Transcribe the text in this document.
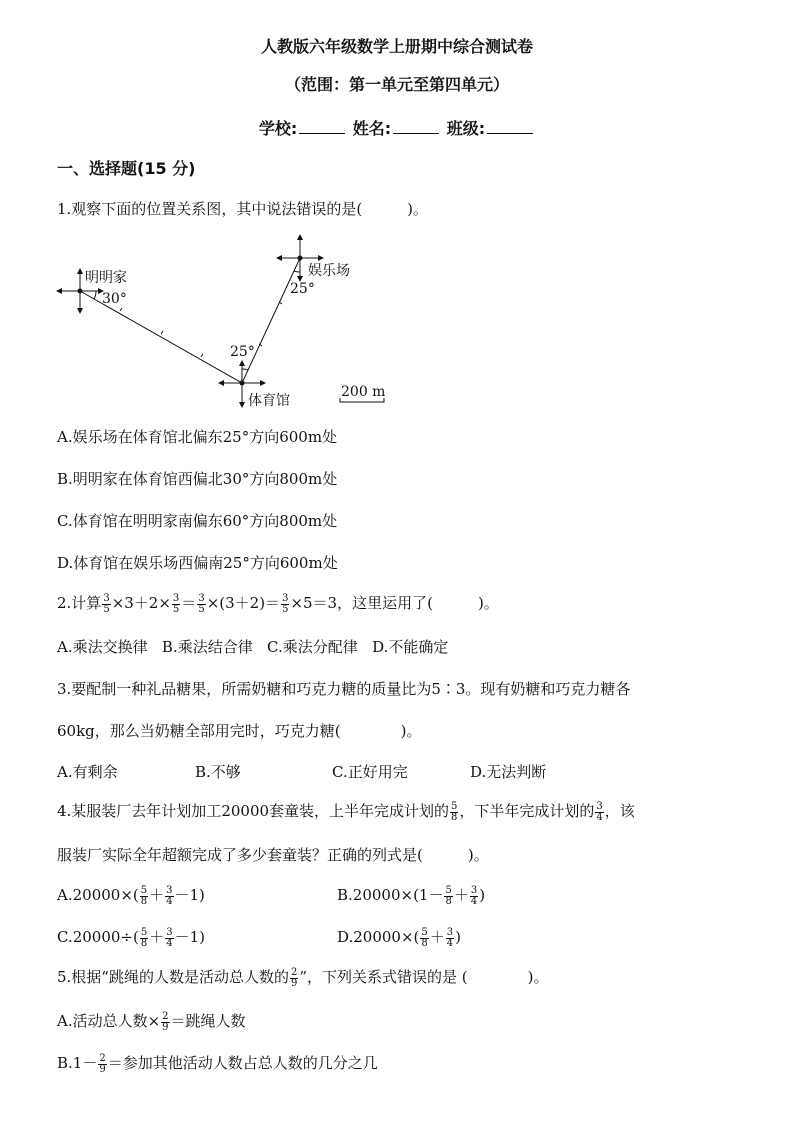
人教版六年级数学上册期中综合测试卷
（范围：第一单元至第四单元）
学校:	姓名:	班级:
一、选择题(15 分)
1.观察下面的位置关系图，其中说法错误的是(　　　)。
明明家	娱乐场
体育馆
30°
25°
25°
200 m
A.娱乐场在体育馆北偏东25°方向600m处
B.明明家在体育馆西偏北30°方向800m处
C.体育馆在明明家南偏东60°方向800m处
D.体育馆在娱乐场西偏南25°方向600m处
2.计算 $\frac{3}{5} \times 3+2\times \frac{3}{5} = \frac{3}{5} \times(3+2)= \frac{3}{5} \times 5=3$，这里运用了(　　　)。
A.乘法交换律 B.乘法结合律 C.乘法分配律 D.不能确定
3.要配制一种礼品糖果，所需奶糖和巧克力糖的质量比为5∶3。现有奶糖和巧克力糖各
60kg，那么当奶糖全部用完时，巧克力糖(　　　　)。
A.有剩余	B.不够	C.正好用完	D.无法判断
4.某服装厂去年计划加工20000套童装，上半年完成计划的 $\frac{5}{8}$ ，下半年完成计划的 $\frac{3}{4}$ ，该
服装厂实际全年超额完成了多少套童装？正确的列式是(　　　)。
$A.20000\times( \frac{5}{8} + \frac{3}{4} -1)$	$B.20000\times(1- \frac{5}{8} + \frac{3}{4}$ )
$C.20000\div( \frac{5}{8} + \frac{3}{4} -1)$	$D.20000\times( \frac{5}{8} + \frac{3}{4}$ )
5.根据“跳绳的人数是活动总人数的 $\frac{2}{9}$ ”，下列关系式错误的是 (　　　　)。
A.活动总人数× $\frac{2}{9}$ ＝跳绳人数
$B.1- \frac{2}{9}$ ＝参加其他活动人数占总人数的几分之几
